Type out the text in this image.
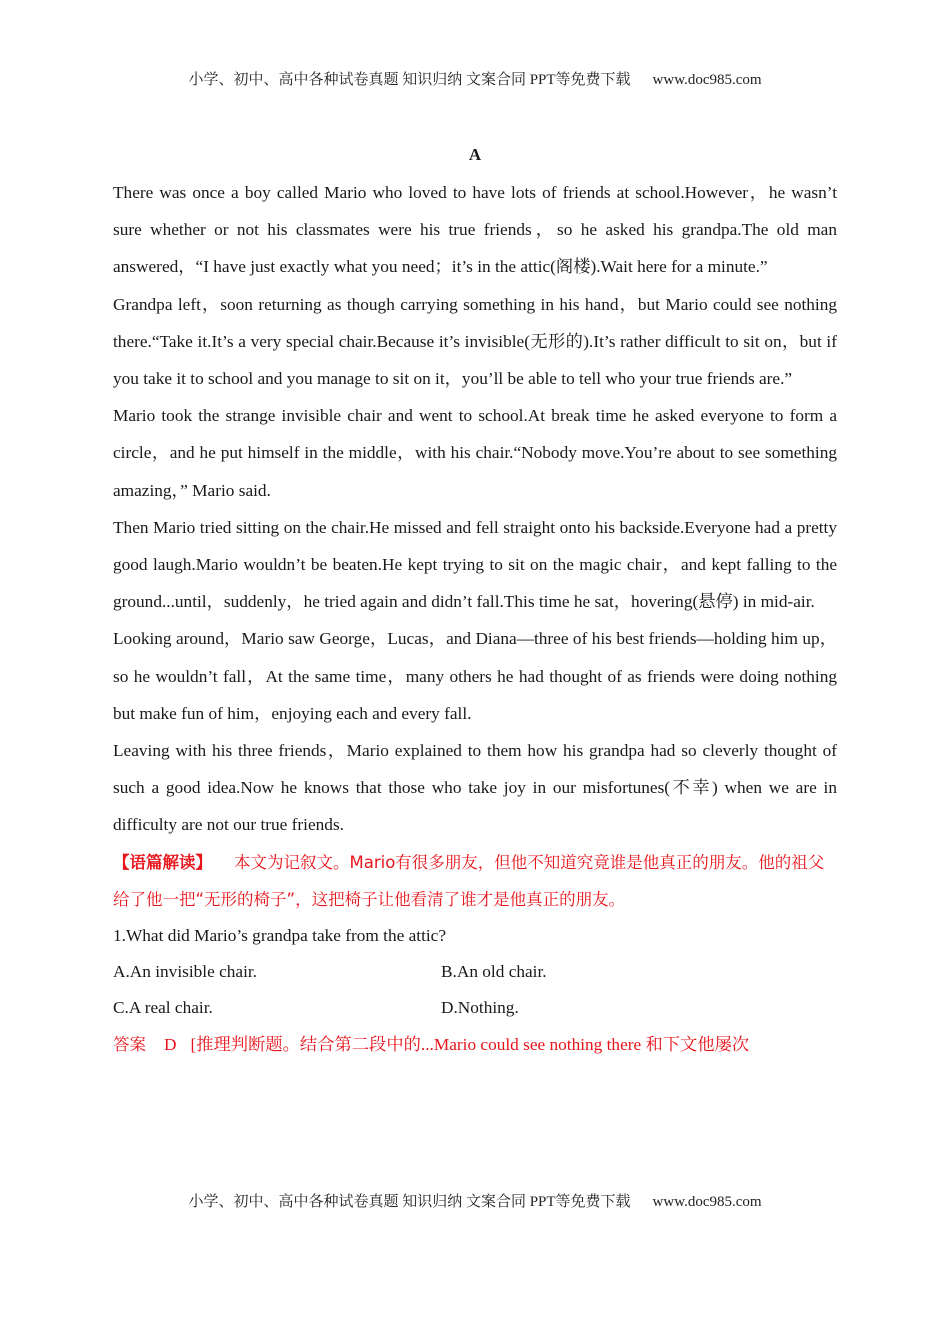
小学、初中、高中各种试卷真题 知识归纳 文案合同 PPT等免费下载 www.doc985.com
A

There was once a boy called Mario who loved to have lots of friends at school.However，he wasn’t sure whether or not his classmates were his true friends，so he asked his grandpa.The old man answered，“I have just exactly what you need；it’s in the attic(阁楼).Wait here for a minute.”

Grandpa left，soon returning as though carrying something in his hand，but Mario could see nothing there.“Take it.It’s a very special chair.Because it’s invisible(无形的).It’s rather difficult to sit on，but if you take it to school and you manage to sit on it，you’ll be able to tell who your true friends are.”

Mario took the strange invisible chair and went to school.At break time he asked everyone to form a circle，and he put himself in the middle，with his chair.“Nobody move.You’re about to see something amazing，” Mario said.

Then Mario tried sitting on the chair.He missed and fell straight onto his backside.Everyone had a pretty good laugh.Mario wouldn’t be beaten.He kept trying to sit on the magic chair，and kept falling to the ground...until，suddenly，he tried again and didn’t fall.This time he sat，hovering(悬停) in mid-air.

Looking around，Mario saw George，Lucas，and Diana—three of his best friends—holding him up，so he wouldn’t fall，At the same time，many others he had thought of as friends were doing nothing but make fun of him，enjoying each and every fall.

Leaving with his three friends，Mario explained to them how his grandpa had so cleverly thought of such a good idea.Now he knows that those who take joy in our misfortunes(不幸) when we are in difficulty are not our true friends.

【语篇解读】 本文为记叙文。Mario有很多朋友，但他不知道究竟谁是他真正的朋友。他的祖父给了他一把“无形的椅子”，这把椅子让他看清了谁才是他真正的朋友。

1.What did Mario’s grandpa take from the attic?

A.An invisible chair.	B.An old chair.
C.A real chair.	D.Nothing.

答案 D [推理判断题。结合第二段中的...Mario could see nothing there 和下文他屡次

小学、初中、高中各种试卷真题 知识归纳 文案合同 PPT等免费下载 www.doc985.com
